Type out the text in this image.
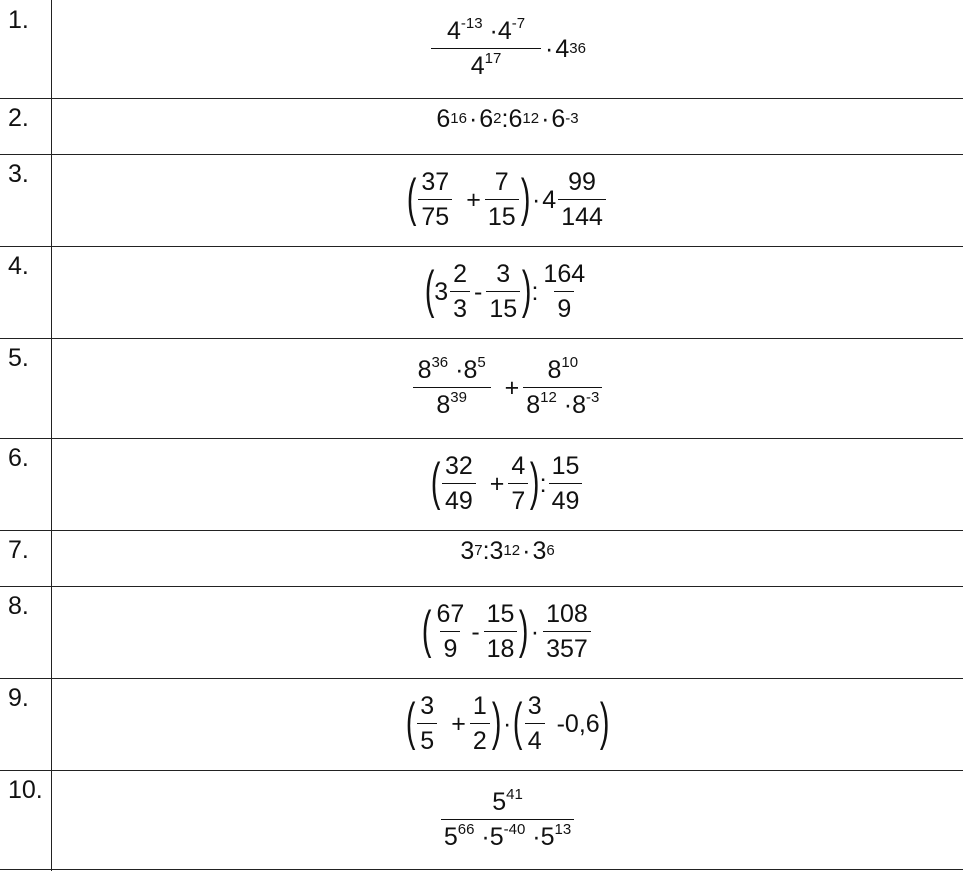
1.	$\frac{4^{-13} \cdot 4^{-7}}{4^{17}} \cdot 4$ 36
2.	6 16 · 6 2 : 6 12 · 6 -3
3.	( $\frac{37}{75} + \frac{7}{15}$ ) · $4 \frac{99}{144}$
4.	( $3 \frac{2}{3} - \frac{3}{15}$ ) : $\frac{164}{9}$
5.	$\frac{8^{36} \cdot 8^5}{8^{39}} + \frac{8^{10}}{8^{12} \cdot 8^{-3}}$
6.	( $\frac{32}{49} + \frac{4}{7}$ ) : $\frac{15}{49}$
7.	3 7 : 3 12 · 3 6
8.	( $\frac{67}{9} - \frac{15}{18}$ ) · $\frac{108}{357}$
9.	( $\frac{3}{5} + \frac{1}{2}$ ) · ( $\frac{3}{4} -0,6$ )
10.	$\frac{5^{41}}{5^{66} \cdot 5^{-40} \cdot 5^{13}}$
